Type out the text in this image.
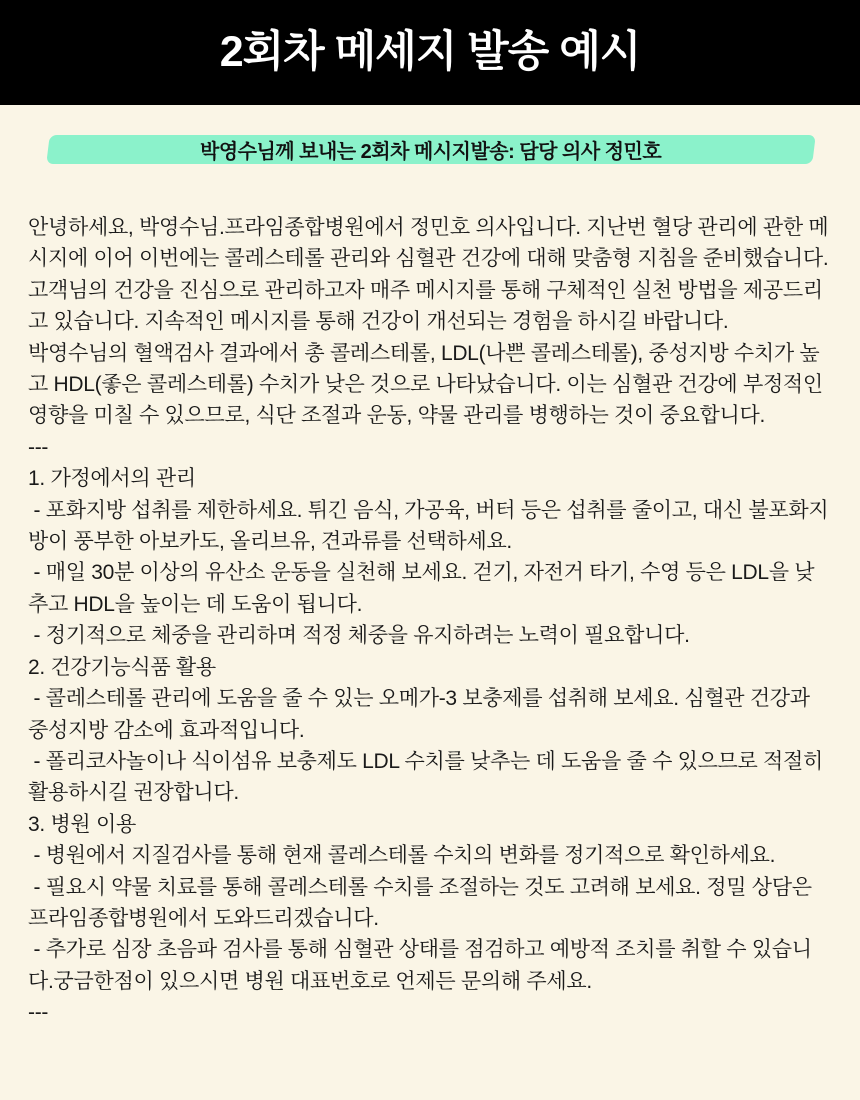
2회차 메세지 발송 예시
박영수님께 보내는 2회차 메시지발송: 담당 의사 정민호

안녕하세요, 박영수님.프라임종합병원에서 정민호 의사입니다. 지난번 혈당 관리에 관한 메시지에 이어 이번에는 콜레스테롤 관리와 심혈관 건강에 대해 맞춤형 지침을 준비했습니다.고객님의 건강을 진심으로 관리하고자 매주 메시지를 통해 구체적인 실천 방법을 제공드리고 있습니다. 지속적인 메시지를 통해 건강이 개선되는 경험을 하시길 바랍니다.

박영수님의 혈액검사 결과에서 총 콜레스테롤, LDL(나쁜 콜레스테롤), 중성지방 수치가 높고 HDL(좋은 콜레스테롤) 수치가 낮은 것으로 나타났습니다. 이는 심혈관 건강에 부정적인 영향을 미칠 수 있으므로, 식단 조절과 운동, 약물 관리를 병행하는 것이 중요합니다.

---

1. 가정에서의 관리

- 포화지방 섭취를 제한하세요. 튀긴 음식, 가공육, 버터 등은 섭취를 줄이고, 대신 불포화지방이 풍부한 아보카도, 올리브유, 견과류를 선택하세요.

- 매일 30분 이상의 유산소 운동을 실천해 보세요. 걷기, 자전거 타기, 수영 등은 LDL을 낮추고 HDL을 높이는 데 도움이 됩니다.

- 정기적으로 체중을 관리하며 적정 체중을 유지하려는 노력이 필요합니다.

2. 건강기능식품 활용

- 콜레스테롤 관리에 도움을 줄 수 있는 오메가-3 보충제를 섭취해 보세요. 심혈관 건강과 중성지방 감소에 효과적입니다.

- 폴리코사놀이나 식이섬유 보충제도 LDL 수치를 낮추는 데 도움을 줄 수 있으므로 적절히 활용하시길 권장합니다.

3. 병원 이용

- 병원에서 지질검사를 통해 현재 콜레스테롤 수치의 변화를 정기적으로 확인하세요.

- 필요시 약물 치료를 통해 콜레스테롤 수치를 조절하는 것도 고려해 보세요. 정밀 상담은 프라임종합병원에서 도와드리겠습니다.

- 추가로 심장 초음파 검사를 통해 심혈관 상태를 점검하고 예방적 조치를 취할 수 있습니다.궁금한점이 있으시면 병원 대표번호로 언제든 문의해 주세요.

---
